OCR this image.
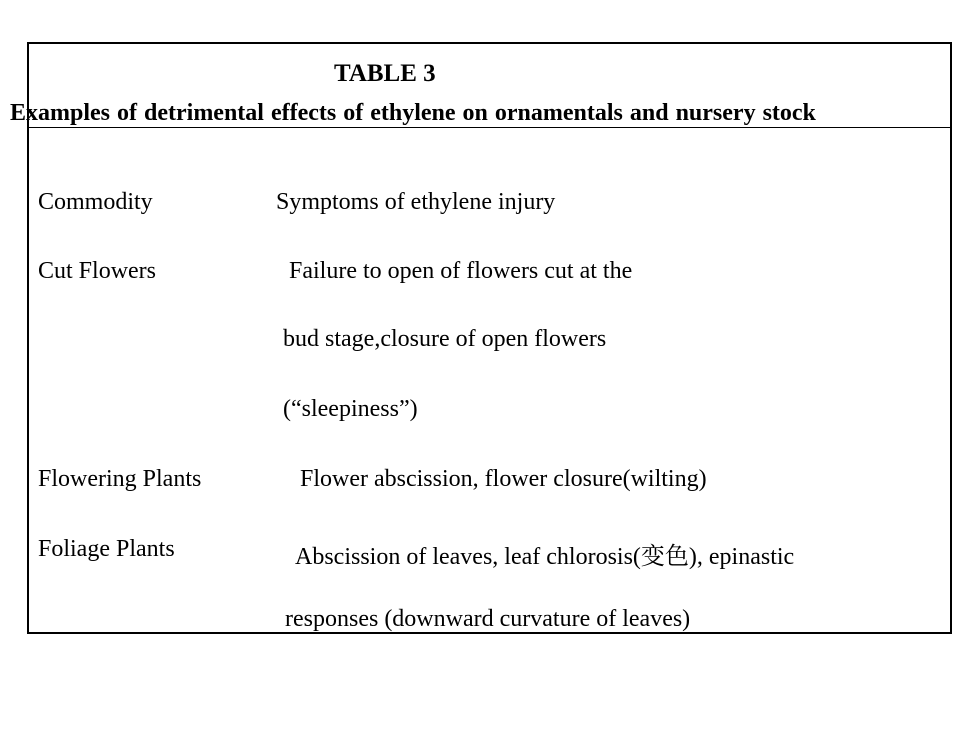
TABLE 3
Examples of detrimental effects of ethylene on ornamentals and nursery stock
Commodity	Symptoms of ethylene injury
Cut Flowers	Failure to open of flowers cut at the
bud stage,closure of open flowers
(“sleepiness”)
Flowering Plants	Flower abscission, flower closure(wilting)
Foliage Plants	Abscission of leaves, leaf chlorosis(变色), epinastic
responses (downward curvature of leaves)
